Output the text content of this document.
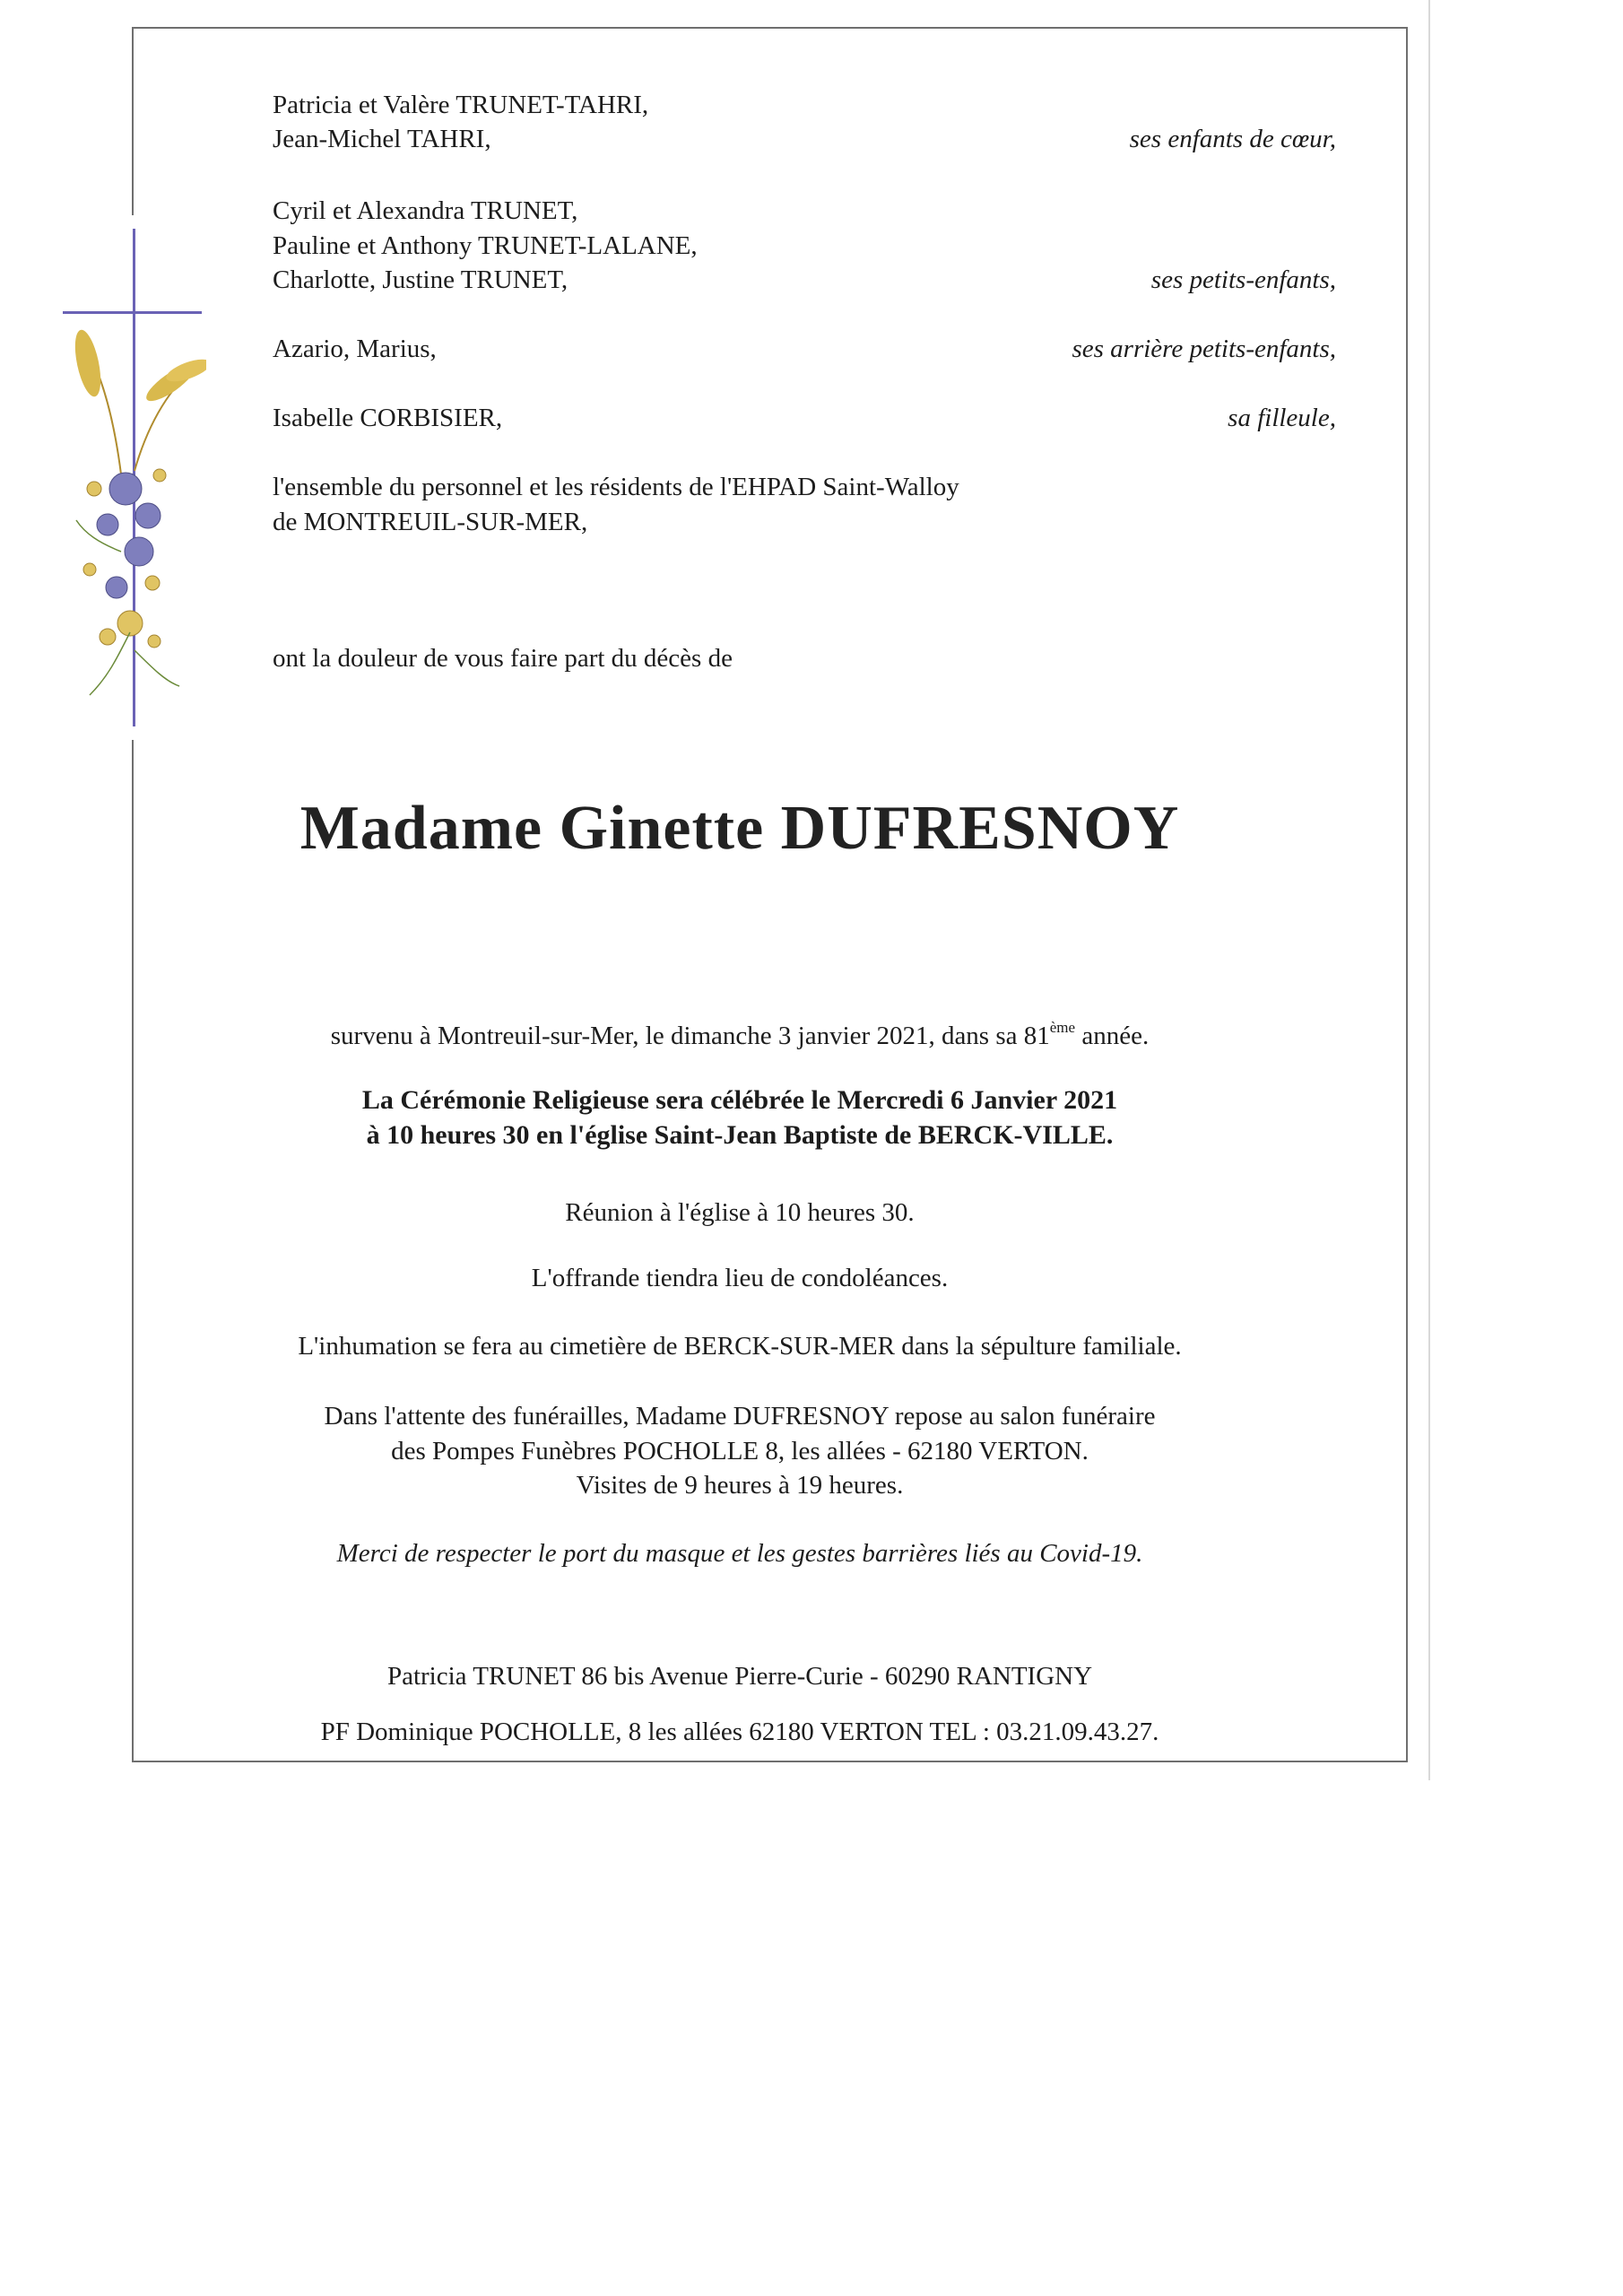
Patricia et Valère TRUNET-TAHRI,
Jean-Michel TAHRI,	ses enfants de cœur,
Cyril et Alexandra TRUNET,
Pauline et Anthony TRUNET-LALANE,
Charlotte, Justine TRUNET,	ses petits-enfants,
Azario, Marius,	ses arrière petits-enfants,
Isabelle CORBISIER,	sa filleule,
l'ensemble du personnel et les résidents de l'EHPAD Saint-Walloy
de MONTREUIL-SUR-MER,
ont la douleur de vous faire part du décès de
Madame Ginette DUFRESNOY
survenu à Montreuil-sur-Mer, le dimanche 3 janvier 2021, dans sa 81ème année.
La Cérémonie Religieuse sera célébrée le Mercredi 6 Janvier 2021
à 10 heures 30 en l'église Saint-Jean Baptiste de BERCK-VILLE.
Réunion à l'église à 10 heures 30.
L'offrande tiendra lieu de condoléances.
L'inhumation se fera au cimetière de BERCK-SUR-MER dans la sépulture familiale.
Dans l'attente des funérailles, Madame DUFRESNOY repose au salon funéraire
des Pompes Funèbres POCHOLLE 8, les allées - 62180 VERTON.
Visites de 9 heures à 19 heures.
Merci de respecter le port du masque et les gestes barrières liés au Covid-19.
Patricia TRUNET 86 bis Avenue Pierre-Curie - 60290 RANTIGNY
PF Dominique POCHOLLE, 8 les allées 62180 VERTON TEL : 03.21.09.43.27.
